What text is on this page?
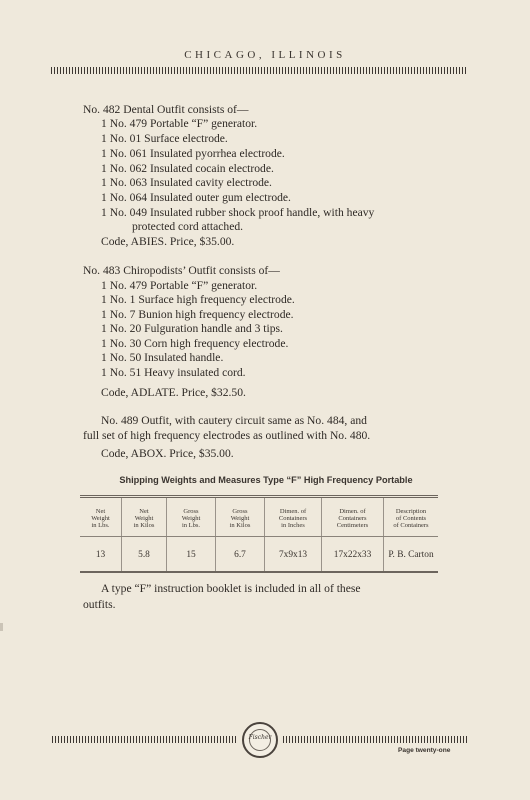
CHICAGO, ILLINOIS
No. 482 Dental Outfit consists of—
1 No. 479 Portable “F” generator.
1 No. 01 Surface electrode.
1 No. 061 Insulated pyorrhea electrode.
1 No. 062 Insulated cocain electrode.
1 No. 063 Insulated cavity electrode.
1 No. 064 Insulated outer gum electrode.
1 No. 049 Insulated rubber shock proof handle, with heavy
protected cord attached.
Code, ABIES. Price, $35.00.
No. 483 Chiropodists’ Outfit consists of—
1 No. 479 Portable “F” generator.
1 No. 1 Surface high frequency electrode.
1 No. 7 Bunion high frequency electrode.
1 No. 20 Fulguration handle and 3 tips.
1 No. 30 Corn high frequency electrode.
1 No. 50 Insulated handle.
1 No. 51 Heavy insulated cord.
Code, ADLATE. Price, $32.50.
No. 489 Outfit, with cautery circuit same as No. 484, and
full set of high frequency electrodes as outlined with No. 480.
Code, ABOX. Price, $35.00.
A type “F” instruction booklet is included in all of these
outfits.
Shipping Weights and Measures Type “F” High Frequency Portable
Net
Weight
in Lbs.	Net
Weight
in Kilos	Gross
Weight
in Lbs.	Gross
Weight
in Kilos	Dimen. of
Containers
in Inches	Dimen. of
Containers
Centimeters	Description
of Contents
of Containers
13	5.8	15	6.7	7x9x13	17x22x33	P. B. Carton
Fischer
Page twenty-one
